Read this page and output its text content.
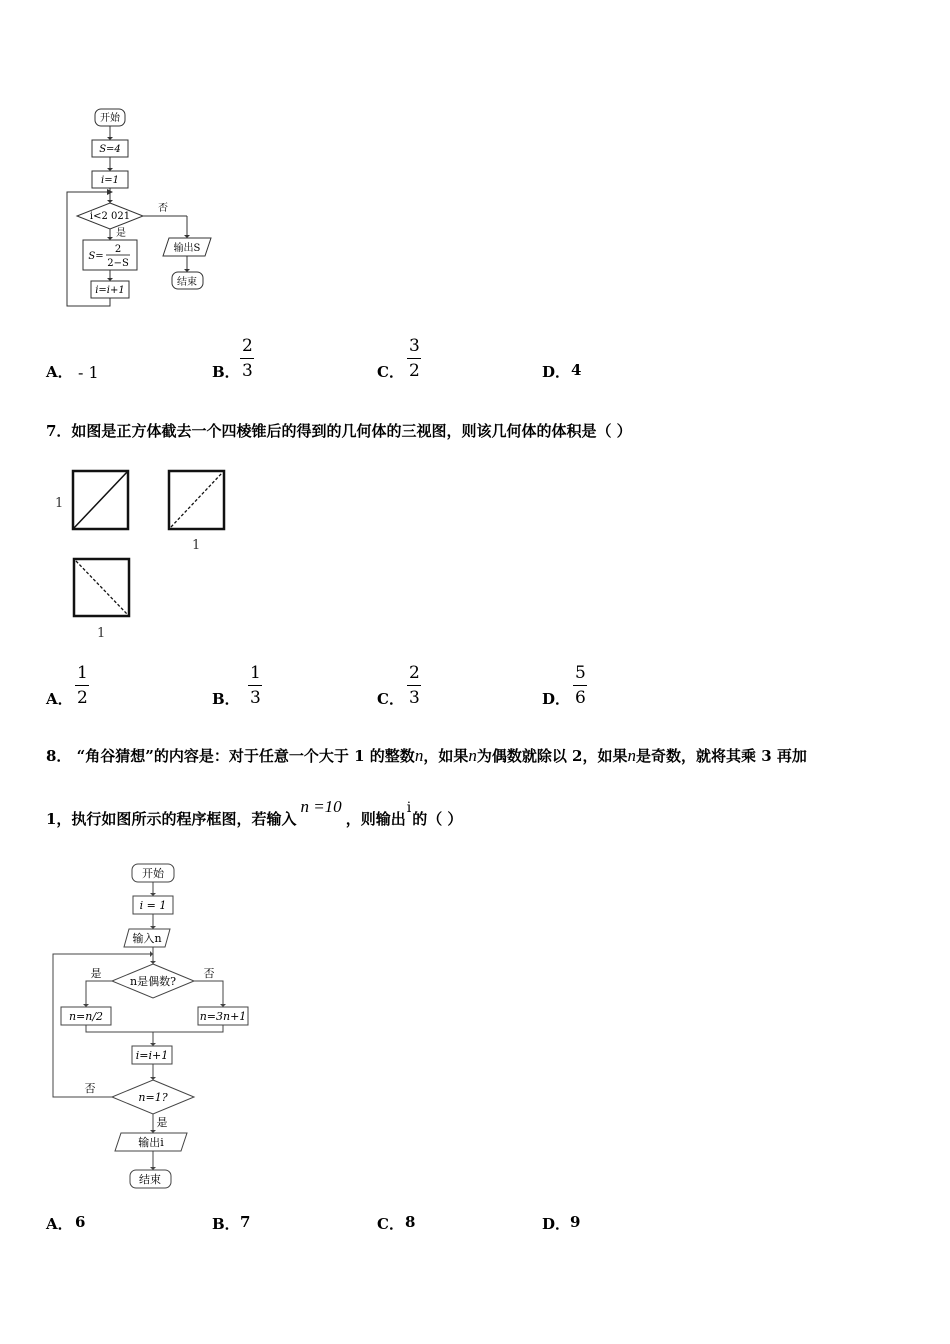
开始
S=4
i=1
i<2 021
否
是
S=
2
2−S
i=i+1
输出S
结束
A． - 1	B．
2
3	C．
3
2	D． 4
7．如图是正方体截去一个四棱锥后的得到的几何体的三视图，则该几何体的体积是（ ）
1
1
1
A．
1
2	B．
1
3	C．
2
3	D．
5
6
8． “角谷猜想”的内容是：对于任意一个大于 1 的整数n，如果n为偶数就除以 2，如果n是奇数，就将其乘 3 再加
1，执行如图所示的程序框图，若输入n =10，则输出i的（ ）
开始
i = 1
输入n
n是偶数?
是	否
n=n/2	n=3n+1
i=i+1
n=1?
否
是
输出i
结束
A． 6	B． 7	C． 8	D． 9
